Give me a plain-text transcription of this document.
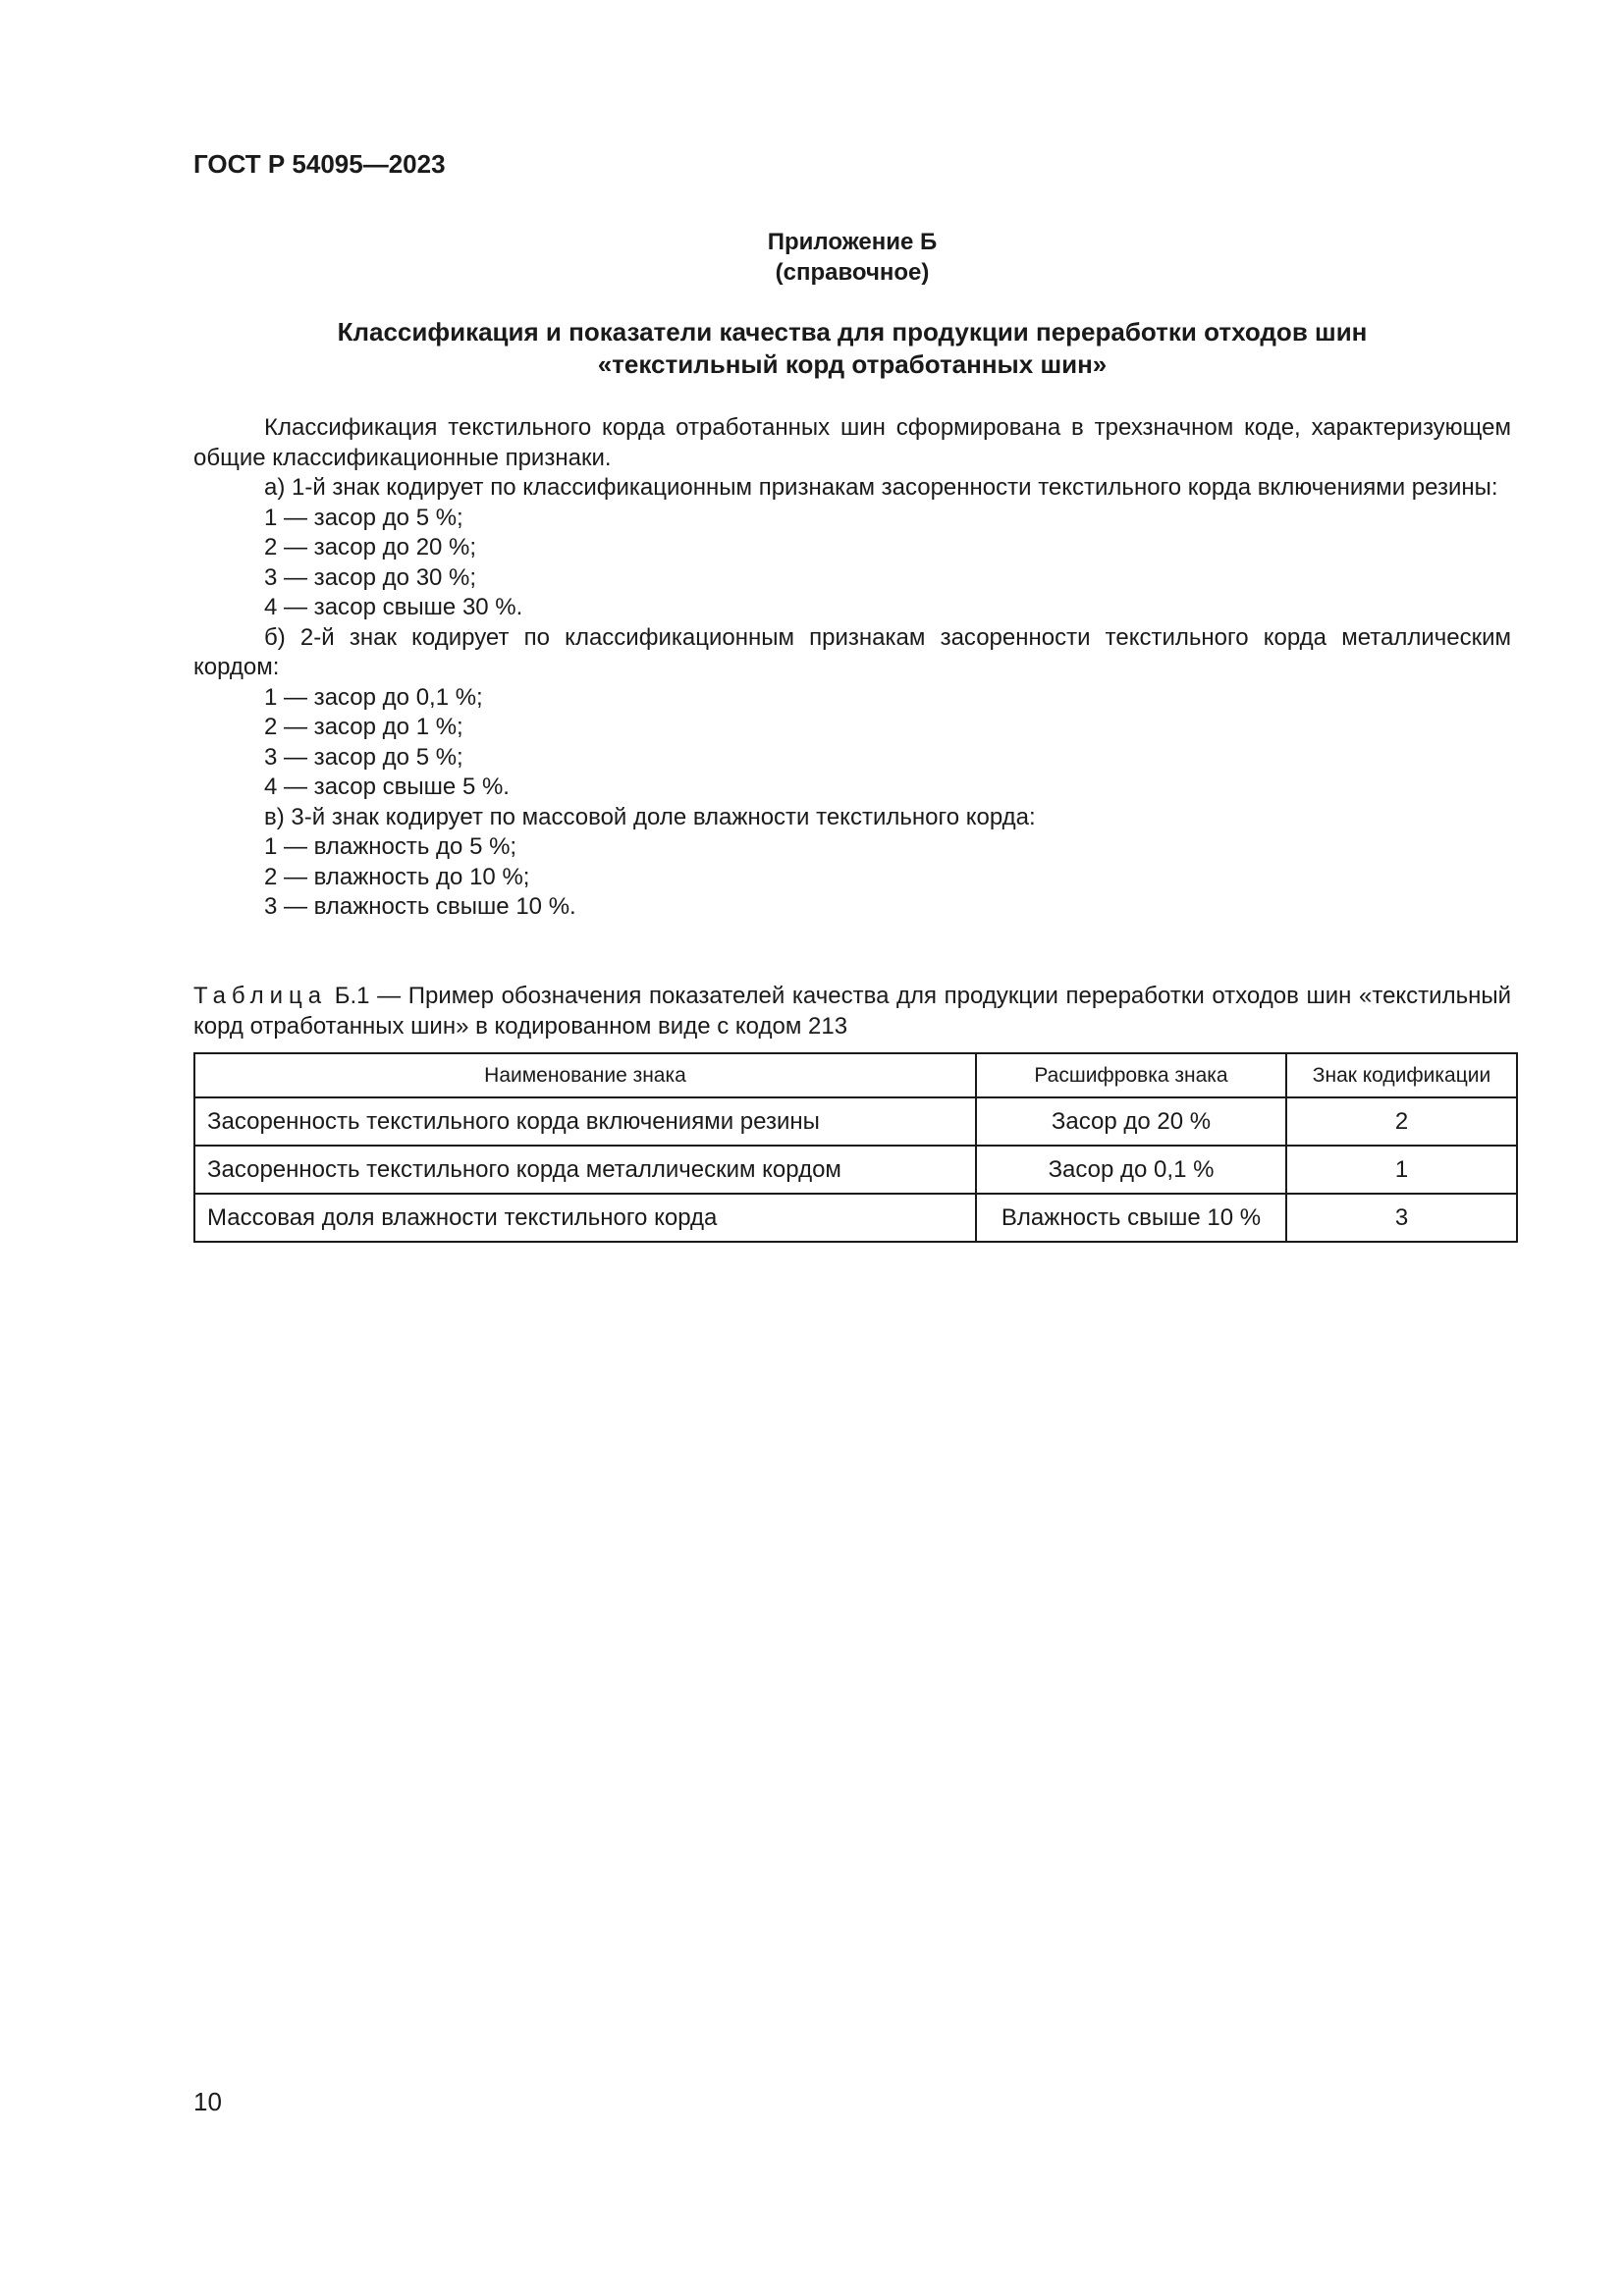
ГОСТ Р 54095—2023
Приложение Б
(справочное)
Классификация и показатели качества для продукции переработки отходов шин
«текстильный корд отработанных шин»

Классификация текстильного корда отработанных шин сформирована в трехзначном коде, характеризующем общие классификационные признаки.

а) 1-й знак кодирует по классификационным признакам засоренности текстильного корда включениями резины:

1 — засор до 5 %;

2 — засор до 20 %;

3 — засор до 30 %;

4 — засор свыше 30 %.

б) 2-й знак кодирует по классификационным признакам засоренности текстильного корда металлическим кордом:

1 — засор до 0,1 %;

2 — засор до 1 %;

3 — засор до 5 %;

4 — засор свыше 5 %.

в) 3-й знак кодирует по массовой доле влажности текстильного корда:

1 — влажность до 5 %;

2 — влажность до 10 %;

3 — влажность свыше 10 %.

Таблица Б.1 — Пример обозначения показателей качества для продукции переработки отходов шин «текстильный корд отработанных шин» в кодированном виде с кодом 213
Наименование знака	Расшифровка знака	Знак кодификации
Засоренность текстильного корда включениями резины	Засор до 20 %	2
Засоренность текстильного корда металлическим кордом	Засор до 0,1 %	1
Массовая доля влажности текстильного корда	Влажность свыше 10 %	3
10
